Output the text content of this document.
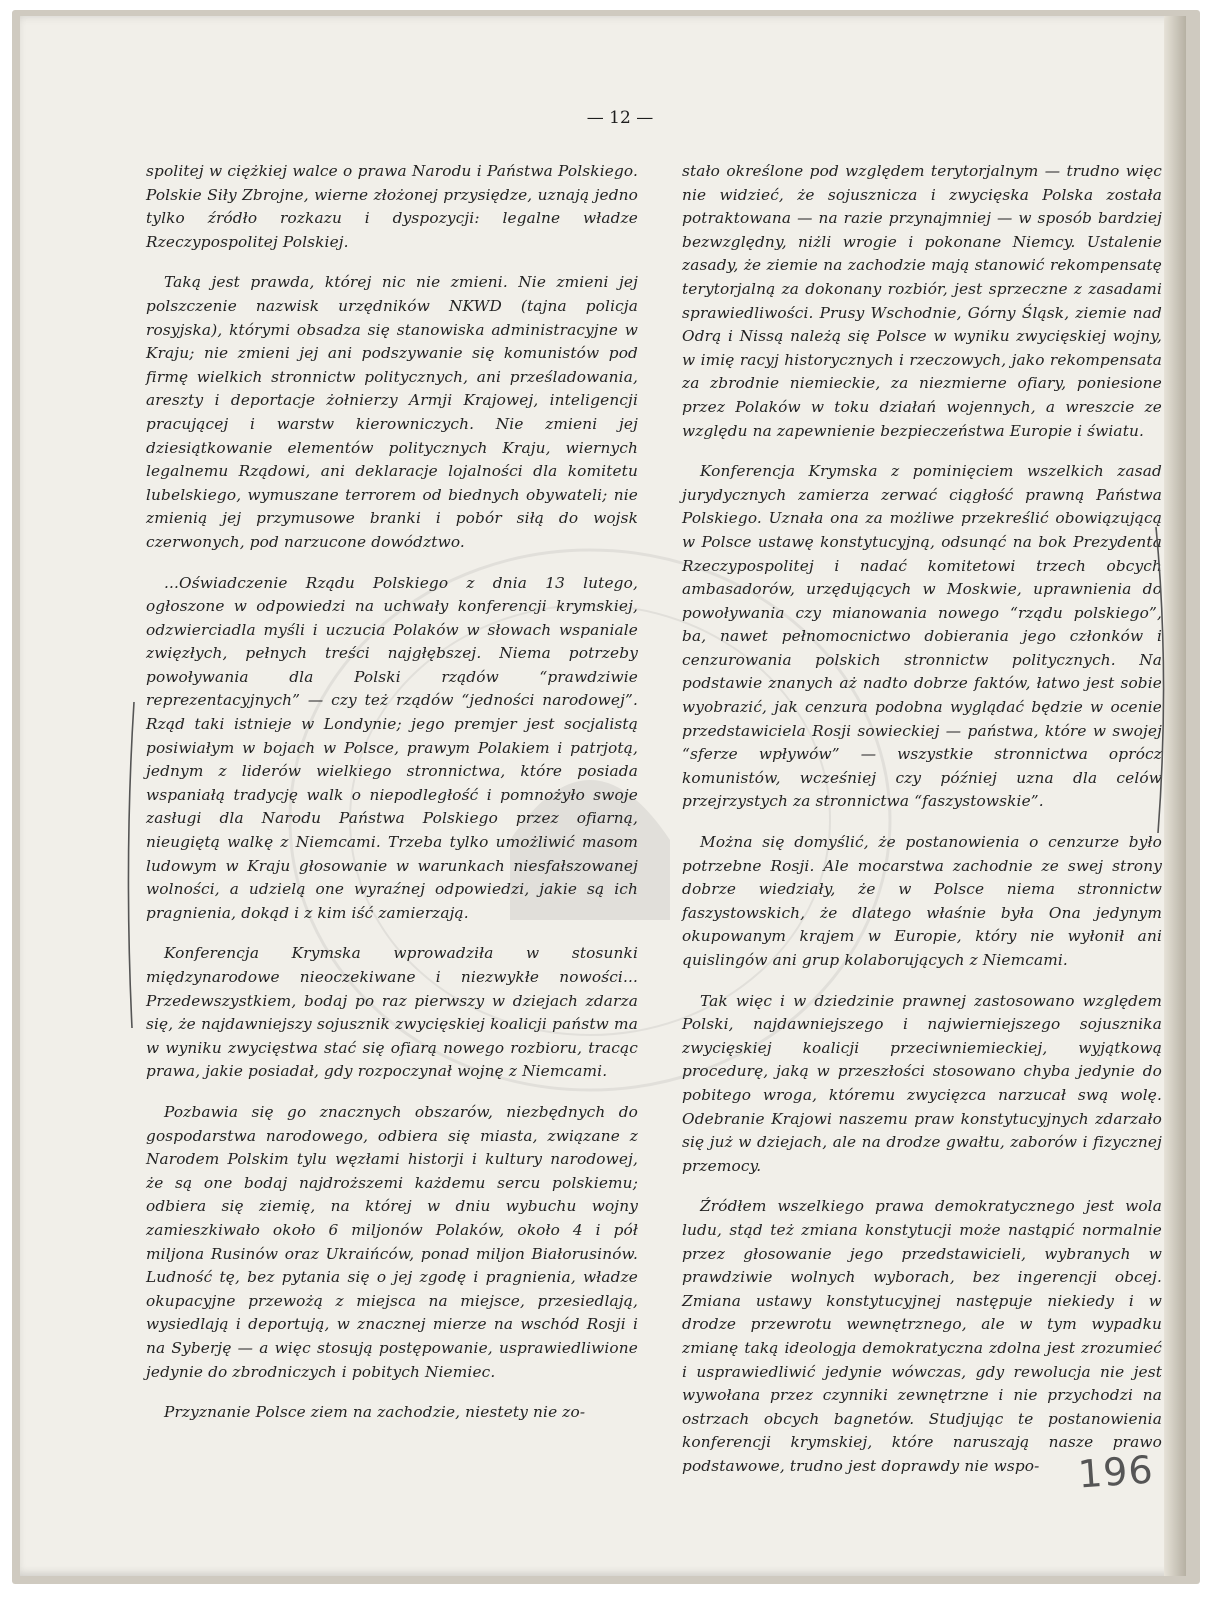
— 12 —

spolitej w ciężkiej walce o prawa Narodu i Państwa Polskiego. Polskie Siły Zbrojne, wierne złożonej przysiędze, uznają jedno tylko źródło rozkazu i dyspozycji: legalne władze Rzeczypospolitej Polskiej.

Taką jest prawda, której nic nie zmieni. Nie zmieni jej polszczenie nazwisk urzędników NKWD (tajna policja rosyjska), którymi obsadza się stanowiska administracyjne w Kraju; nie zmieni jej ani podszywanie się komunistów pod firmę wielkich stronnictw politycznych, ani prześladowania, aresztу i deportacje żołnierzy Armji Krajowej, inteligencji pracującej i warstw kierowniczych. Nie zmieni jej dziesiątkowanie elementów politycznych Kraju, wiernych legalnemu Rządowi, ani deklaracje lojalności dla komitetu lubelskiego, wymuszane terrorem od biednych obywateli; nie zmienią jej przymusowe branki i pobór siłą do wojsk czerwonych, pod narzucone dowództwo.

...Oświadczenie Rządu Polskiego z dnia 13 lutego, ogłoszone w odpowiedzi na uchwały konferencji krymskiej, odzwierciadla myśli i uczucia Polaków w słowach wspaniale zwięzłych, pełnych treści najgłębszej. Niema potrzeby powoływania dla Polski rządów “prawdziwie reprezentacyjnych” — czy też rządów “jedności narodowej”. Rząd taki istnieje w Londynie; jego premjer jest socjalistą posiwiałym w bojach w Polsce, prawym Polakiem i patrjotą, jednym z liderów wielkiego stronnictwa, które posiada wspaniałą tradycję walk o niepodległość i pomnożyło swoje zasługi dla Narodu Państwa Polskiego przez ofiarną, nieugiętą walkę z Niemcami. Trzeba tylko umożliwić masom ludowym w Kraju głosowanie w warunkach niesfałszowanej wolności, a udzielą one wyraźnej odpowiedzi, jakie są ich pragnienia, dokąd i z kim iść zamierzają.

Konferencja Krymska wprowadziła w stosunki międzynarodowe nieoczekiwane i niezwykłe nowości... Przedewszystkiem, bodaj po raz pierwszy w dziejach zdarza się, że najdawniejszy sojusznik zwycięskiej koalicji państw ma w wyniku zwycięstwa stać się ofiarą nowego rozbioru, tracąc prawa, jakie posiadał, gdy rozpoczynał wojnę z Niemcami.

Pozbawia się go znacznych obszarów, niezbędnych do gospodarstwa narodowego, odbiera się miasta, związane z Narodem Polskim tylu węzłami historji i kultury narodowej, że są one bodaj najdroższemi każdemu sercu polskiemu; odbiera się ziemię, na której w dniu wybuchu wojny zamieszkiwało około 6 miljonów Polaków, około 4 i pół miljona Rusinów oraz Ukraińców, ponad miljon Białorusinów. Ludność tę, bez pytania się o jej zgodę i pragnienia, władze okupacyjne przewożą z miejsca na miejsce, przesiedlają, wysiedlają i deportują, w znacznej mierze na wschód Rosji i na Syberję — a więc stosują postępowanie, usprawiedliwione jedynie do zbrodniczych i pobitych Niemiec.

Przyznanie Polsce ziem na zachodzie, niestety nie zo-

stało określone pod względem terytorjalnym — trudno więc nie widzieć, że sojusznicza i zwycięska Polska została potraktowana — na razie przynajmniej — w sposób bardziej bezwzględny, niżli wrogie i pokonane Niemcy. Ustalenie zasady, że ziemie na zachodzie mają stanowić rekompensatę terytorjalną za dokonany rozbiór, jest sprzeczne z zasadami sprawiedliwości. Prusy Wschodnie, Górny Śląsk, ziemie nad Odrą i Nissą należą się Polsce w wyniku zwycięskiej wojny, w imię racyj historycznych i rzeczowych, jako rekompensata za zbrodnie niemieckie, za niezmierne ofiary, poniesione przez Polaków w toku działań wojennych, a wreszcie ze względu na zapewnienie bezpieczeństwa Europie i światu.

Konferencja Krymska z pominięciem wszelkich zasad jurydycznych zamierza zerwać ciągłość prawną Państwa Polskiego. Uznała ona za możliwe przekreślić obowiązującą w Polsce ustawę konstytucyjną, odsunąć na bok Prezydenta Rzeczypospolitej i nadać komitetowi trzech obcych ambasadorów, urzędujących w Moskwie, uprawnienia do powoływania czy mianowania nowego “rządu polskiego”, ba, nawet pełnomocnictwo dobierania jego członków i cenzurowania polskich stronnictw politycznych. Na podstawie znanych aż nadto dobrze faktów, łatwo jest sobie wyobrazić, jak cenzura podobna wyglądać będzie w ocenie przedstawiciela Rosji sowieckiej — państwa, które w swojej “sferze wpływów” — wszystkie stronnictwa oprócz komunistów, wcześniej czy później uzna dla celów przejrzystych za stronnictwa “faszystowskie”.

Można się domyślić, że postanowienia o cenzurze było potrzebne Rosji. Ale mocarstwa zachodnie ze swej strony dobrze wiedziały, że w Polsce niema stronnictw faszystowskich, że dlatego właśnie była Ona jedynym okupowanym krajem w Europie, który nie wyłonił ani quislingów ani grup kolaborujących z Niemcami.

Tak więc i w dziedzinie prawnej zastosowano względem Polski, najdawniejszego i najwierniejszego sojusznika zwycięskiej koalicji przeciwniemieckiej, wyjątkową procedurę, jaką w przeszłości stosowano chyba jedynie do pobitego wroga, któremu zwycięzca narzucał swą wolę. Odebranie Krajowi naszemu praw konstytucyjnych zdarzało się już w dziejach, ale na drodze gwałtu, zaborów i fizycznej przemocy.

Źródłem wszelkiego prawa demokratycznego jest wola ludu, stąd też zmiana konstytucji może nastąpić normalnie przez głosowanie jego przedstawicieli, wybranych w prawdziwie wolnych wyborach, bez ingerencji obcej. Zmiana ustawy konstytucyjnej następuje niekiedy i w drodze przewrotu wewnętrznego, ale w tym wypadku zmianę taką ideologja demokratyczna zdolna jest zrozumieć i usprawiedliwić jedynie wówczas, gdy rewolucja nie jest wywołana przez czynniki zewnętrzne i nie przychodzi na ostrzach obcych bagnetów. Studjując te postanowienia konferencji krymskiej, które naruszają nasze prawo podstawowe, trudno jest doprawdy nie wspo- 196
